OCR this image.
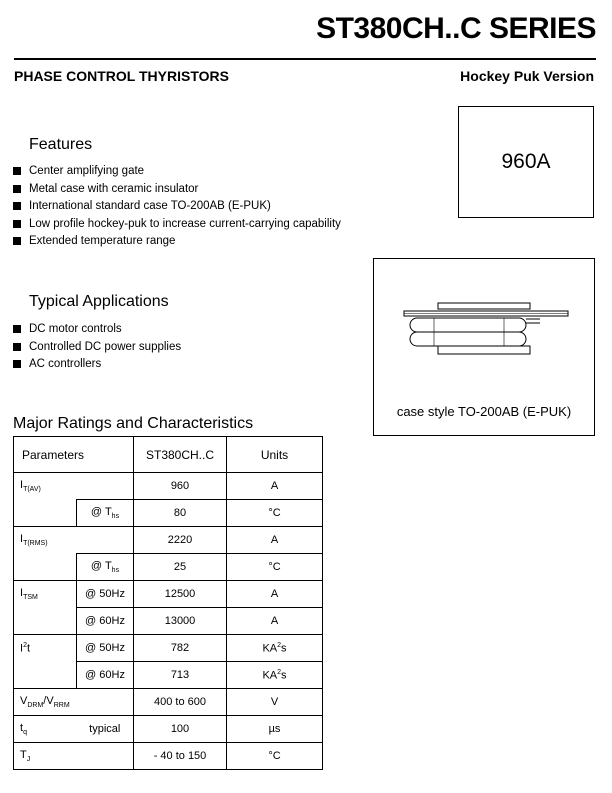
ST380CH..C SERIES
PHASE CONTROL THYRISTORS	Hockey Puk Version
960A
Features
Center amplifying gate
Metal case with ceramic insulator
International standard case TO-200AB (E-PUK)
Low profile hockey-puk to increase current-carrying capability
Extended temperature range
Typical Applications
DC motor controls
Controlled DC power supplies
AC controllers
case style TO-200AB (E-PUK)
Major Ratings and Characteristics
Parameters		ST380CH..C	Units
$I_{T(AV)}$		960	A
	@ $T_{hs}$	80	°C
$I_{T(RMS)}$		2220	A
	@ $T_{hs}$	25	°C
$I_{TSM}$	@ 50Hz	12500	A
	@ 60Hz	13000	A
$I^2t$	@ 50Hz	782	$KA^2s$
	@ 60Hz	713	$KA^2s$
$V_{DRM}/V_{RRM}$		400 to 600	V
$t_q$	typical	100	µs
$T_J$		- 40 to 150	°C
